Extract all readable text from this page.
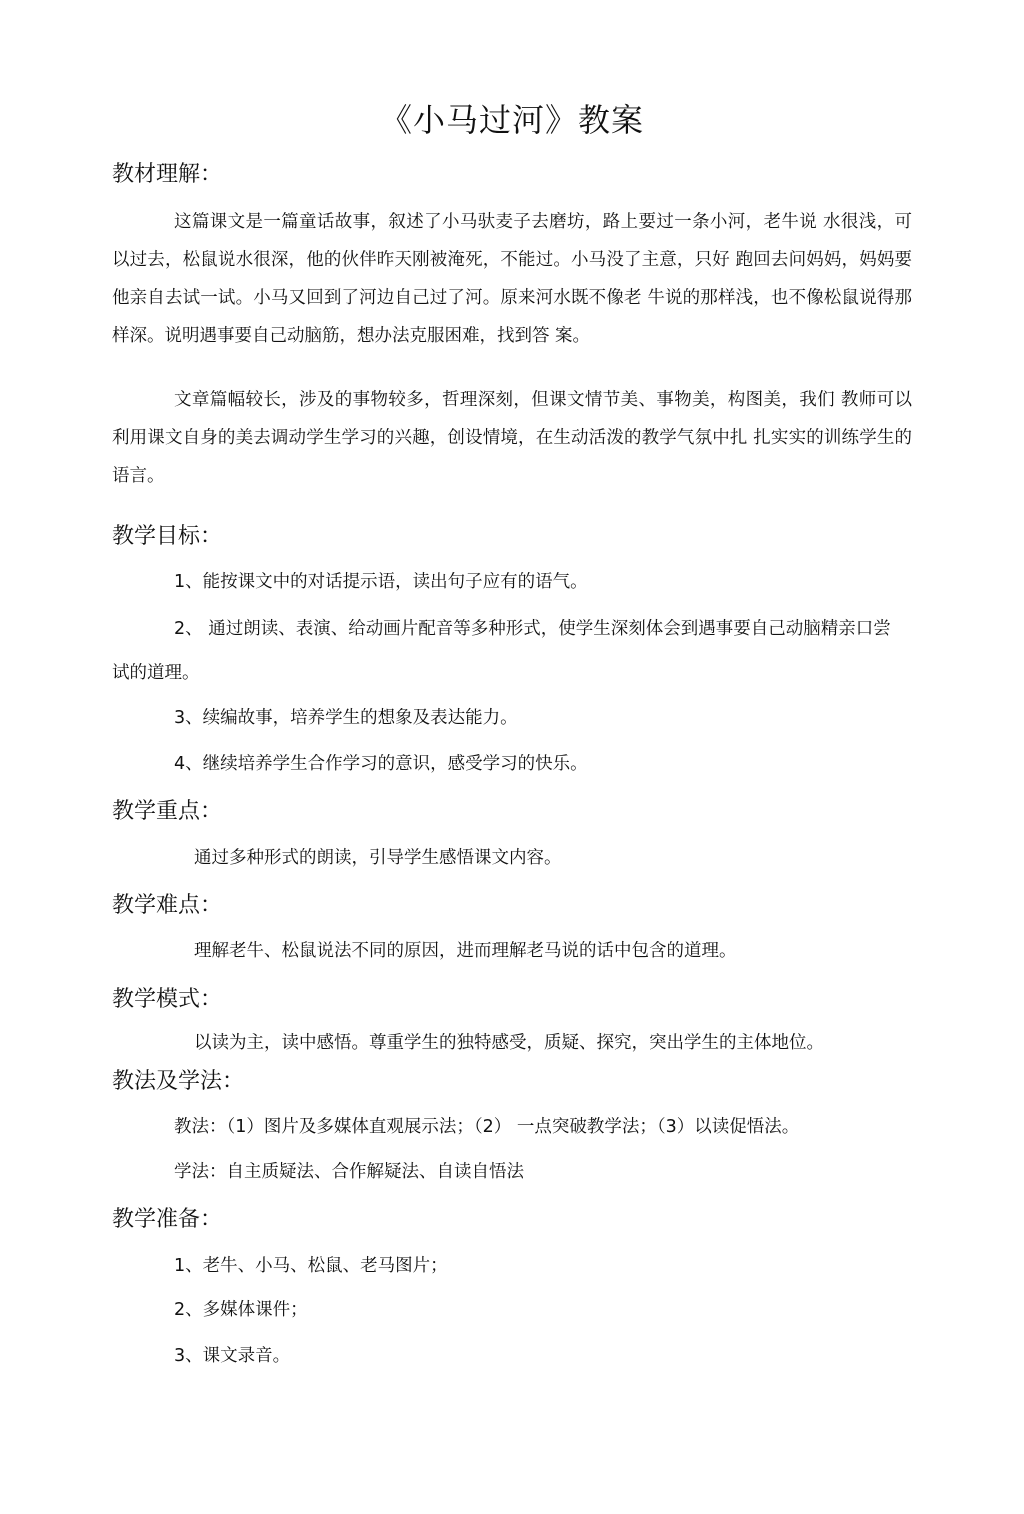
《小马过河》教案
教材理解：

这篇课文是一篇童话故事，叙述了小马驮麦子去磨坊，路上要过一条小河，老牛说 水很浅，可以过去，松鼠说水很深，他的伙伴昨天刚被淹死，不能过。小马没了主意，只好 跑回去问妈妈，妈妈要他亲自去试一试。小马又回到了河边自己过了河。原来河水既不像老 牛说的那样浅，也不像松鼠说得那样深。说明遇事要自己动脑筋，想办法克服困难，找到答 案。

文章篇幅较长，涉及的事物较多，哲理深刻，但课文情节美、事物美，构图美，我们 教师可以利用课文自身的美去调动学生学习的兴趣，创设情境，在生动活泼的教学气氛中扎 扎实实的训练学生的语言。

教学目标：

1、能按课文中的对话提示语，读出句子应有的语气。

2、 通过朗读、表演、给动画片配音等多种形式，使学生深刻体会到遇事要自己动脑精亲口尝试的道理。

3、续编故事，培养学生的想象及表达能力。

4、继续培养学生合作学习的意识，感受学习的快乐。

教学重点：

通过多种形式的朗读，引导学生感悟课文内容。

教学难点：

理解老牛、松鼠说法不同的原因，进而理解老马说的话中包含的道理。

教学模式：

以读为主，读中感悟。尊重学生的独特感受，质疑、探究，突出学生的主体地位。

教法及学法：

教法：（1）图片及多媒体直观展示法；（2） 一点突破教学法；（3）以读促悟法。

学法：自主质疑法、合作解疑法、自读自悟法

教学准备：

1、老牛、小马、松鼠、老马图片；

2、多媒体课件；

3、课文录音。
